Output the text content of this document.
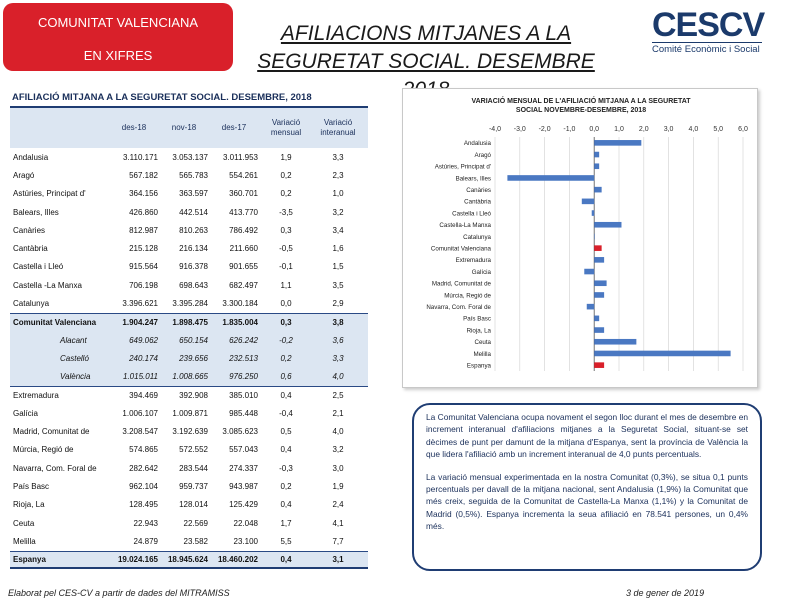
COMUNITAT VALENCIANA
EN XIFRES
AFILIACIONS MITJANES A LA
SEGURETAT SOCIAL. DESEMBRE
CESCV
Comité Econòmic i Social
AFILIACIÓ MITJANA A LA SEGURETAT SOCIAL. DESEMBRE, 2018
des-18	nov-18	des-17
Variació mensual
Variació interanual
Andalusia	3.110.171	3.053.137	3.011.953	1,9	3,3
Aragó	567.182	565.783	554.261	0,2	2,3
Astúries, Principat d'	364.156	363.597	360.701	0,2	1,0
Balears, Illes	426.860	442.514	413.770	-3,5	3,2
Canàries	812.987	810.263	786.492	0,3	3,4
Cantàbria	215.128	216.134	211.660	-0,5	1,6
Castella i Lleó	915.564	916.378	901.655	-0,1	1,5
Castella -La Manxa	706.198	698.643	682.497	1,1	3,5
Catalunya	3.396.621	3.395.284	3.300.184	0,0	2,9
Comunitat Valenciana	1.904.247	1.898.475	1.835.004	0,3	3,8
Alacant	649.062	650.154	626.242	-0,2	3,6
Castelló	240.174	239.656	232.513	0,2	3,3
València	1.015.011	1.008.665	976.250	0,6	4,0
Extremadura	394.469	392.908	385.010	0,4	2,5
Galícia	1.006.107	1.009.871	985.448	-0,4	2,1
Madrid, Comunitat de	3.208.547	3.192.639	3.085.623	0,5	4,0
Múrcia, Regió de	574.865	572.552	557.043	0,4	3,2
Navarra, Com. Foral de	282.642	283.544	274.337	-0,3	3,0
País Basc	962.104	959.737	943.987	0,2	1,9
Rioja, La	128.495	128.014	125.429	0,4	2,4
Ceuta	22.943	22.569	22.048	1,7	4,1
Melilla	24.879	23.582	23.100	5,5	7,7
Espanya	19.024.165	18.945.624	18.460.202	0,4	3,1
VARIACIÓ MENSUAL DE L'AFILIACIÓ MITJANA A LA SEGURETAT
SOCIAL NOVEMBRE-DESEMBRE, 2018
-4,0 -3,0 -2,0 -1,0 0,0 1,0 2,0 3,0 4,0 5,0 6,0
Andalusia
Aragó
Astúries, Principat d'
Balears, Illes
Canàries
Cantàbria
Castella i Lleó
Castella-La Manxa
Catalunya
Comunitat Valenciana
Extremadura
Galícia
Madrid, Comunitat de
Múrcia, Regió de
Navarra, Com. Foral de
País Basc
Rioja, La
Ceuta
Melilla
Espanya

La Comunitat Valenciana ocupa novament el segon lloc durant el mes de desembre en increment interanual d'afiliacions mitjanes a la Seguretat Social, situant-se set dècimes de punt per damunt de la mitjana d'Espanya, sent la província de València la que lidera l'afiliació amb un increment interanual de 4,0 punts percentuals.

La variació mensual experimentada en la nostra Comunitat (0,3%), se situa 0,1 punts percentuals per davall de la mitjana nacional, sent Andalusia (1,9%) la Comunitat que més creix, seguida de la Comunitat de Castella-La Manxa (1,1%) y la Comunitat de Madrid (0,5%). Espanya incrementa la seua afiliació en 78.541 persones, un 0,4% més.

Elaborat pel CES-CV a partir de dades del MITRAMISS	3 de gener de 2019
